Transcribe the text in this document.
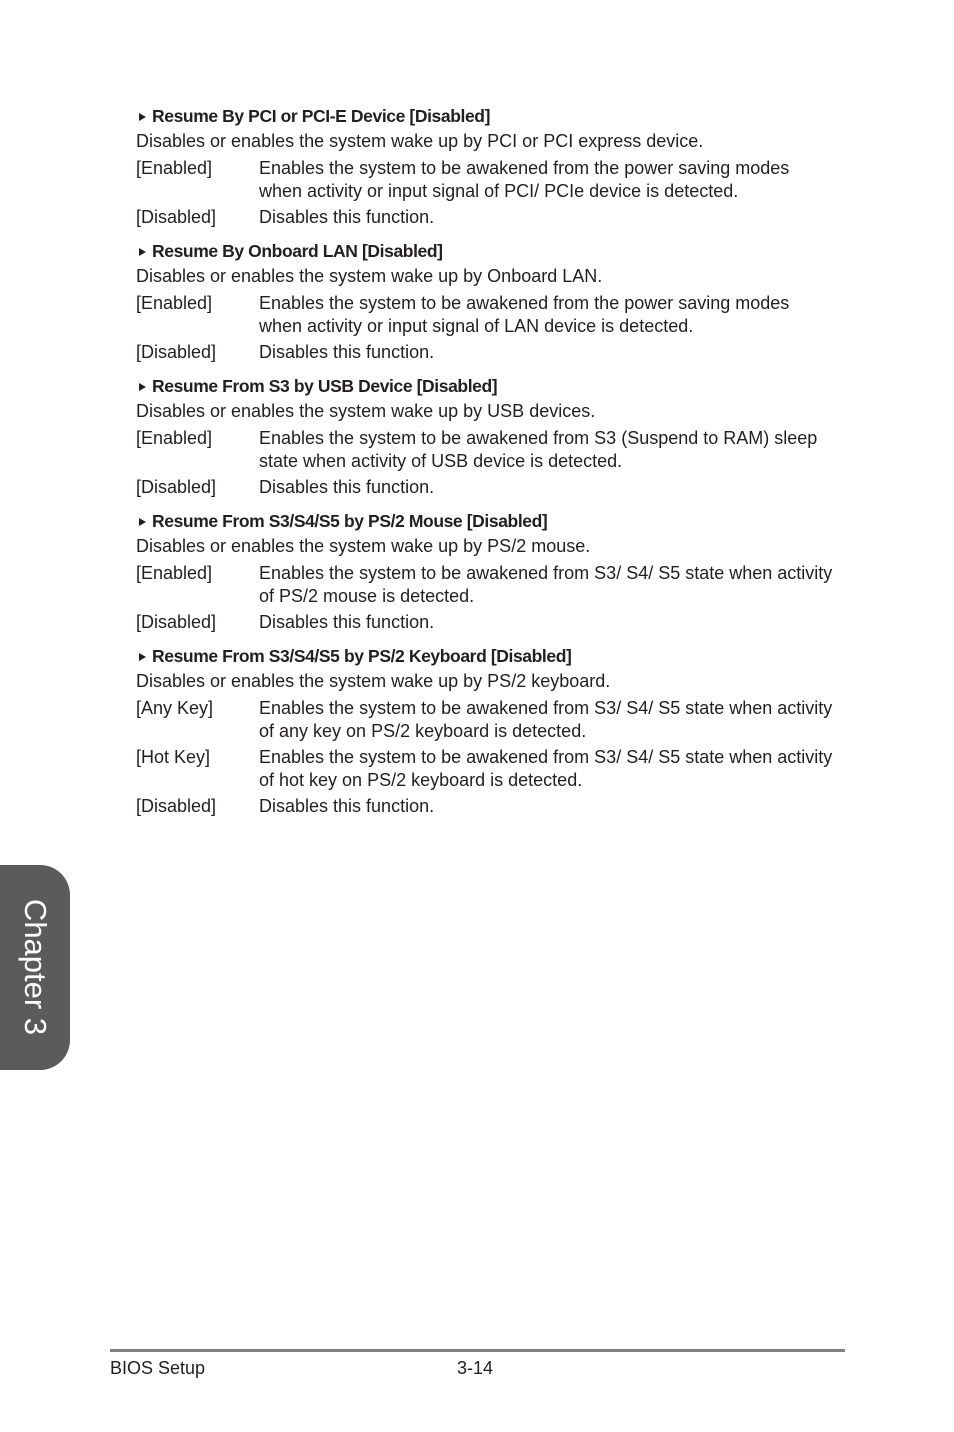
Resume By PCI or PCI-E Device [Disabled]
Disables or enables the system wake up by PCI or PCI express device.
[Enabled]	Enables the system to be awakened from the power saving modes when activity or input signal of PCI/ PCIe device is detected.
[Disabled]	Disables this function.
Resume By Onboard LAN [Disabled]
Disables or enables the system wake up by Onboard LAN.
[Enabled]	Enables the system to be awakened from the power saving modes when activity or input signal of LAN device is detected.
[Disabled]	Disables this function.
Resume From S3 by USB Device [Disabled]
Disables or enables the system wake up by USB devices.
[Enabled]	Enables the system to be awakened from S3 (Suspend to RAM) sleep state when activity of USB device is detected.
[Disabled]	Disables this function.
Resume From S3/S4/S5 by PS/2 Mouse [Disabled]
Disables or enables the system wake up by PS/2 mouse.
[Enabled]	Enables the system to be awakened from S3/ S4/ S5 state when activity of PS/2 mouse is detected.
[Disabled]	Disables this function.
Resume From S3/S4/S5 by PS/2 Keyboard [Disabled]
Disables or enables the system wake up by PS/2 keyboard.
[Any Key]	Enables the system to be awakened from S3/ S4/ S5 state when activity of any key on PS/2 keyboard is detected.
[Hot Key]	Enables the system to be awakened from S3/ S4/ S5 state when activity of hot key on PS/2 keyboard is detected.
[Disabled]	Disables this function.
Chapter 3
BIOS Setup	3-14
